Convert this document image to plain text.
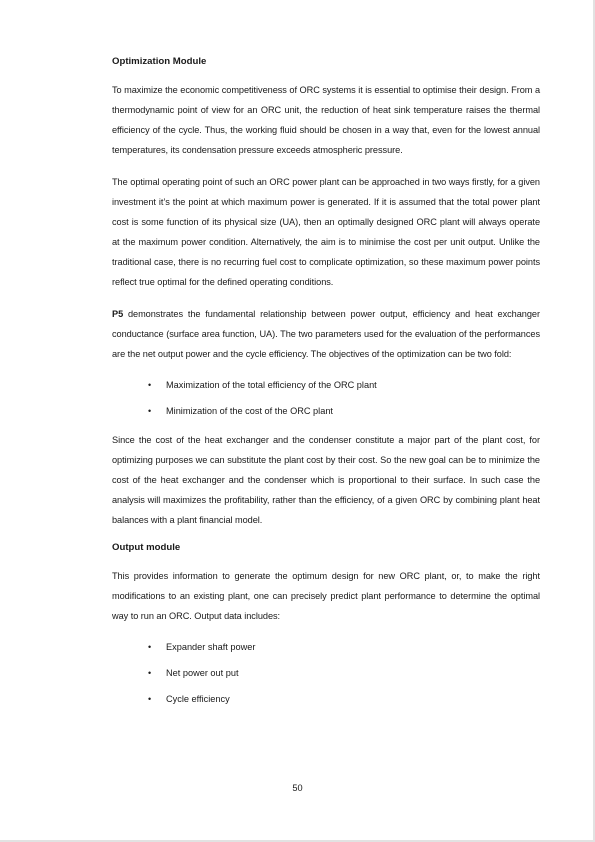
Optimization Module

To maximize the economic competitiveness of ORC systems it is essential to optimise their design. From a thermodynamic point of view for an ORC unit, the reduction of heat sink temperature raises the thermal efficiency of the cycle. Thus, the working fluid should be chosen in a way that, even for the lowest annual temperatures, its condensation pressure exceeds atmospheric pressure.

The optimal operating point of such an ORC power plant can be approached in two ways firstly, for a given investment it’s the point at which maximum power is generated. If it is assumed that the total power plant cost is some function of its physical size (UA), then an optimally designed ORC plant will always operate at the maximum power condition. Alternatively, the aim is to minimise the cost per unit output. Unlike the traditional case, there is no recurring fuel cost to complicate optimization, so these maximum power points reflect true optimal for the defined operating conditions.

P5 demonstrates the fundamental relationship between power output, efficiency and heat exchanger conductance (surface area function, UA). The two parameters used for the evaluation of the performances are the net output power and the cycle efficiency. The objectives of the optimization can be two fold:

• Maximization of the total efficiency of the ORC plant
• Minimization of the cost of the ORC plant

Since the cost of the heat exchanger and the condenser constitute a major part of the plant cost, for optimizing purposes we can substitute the plant cost by their cost. So the new goal can be to minimize the cost of the heat exchanger and the condenser which is proportional to their surface. In such case the analysis will maximizes the profitability, rather than the efficiency, of a given ORC by combining plant heat balances with a plant financial model.

Output module

This provides information to generate the optimum design for new ORC plant, or, to make the right modifications to an existing plant, one can precisely predict plant performance to determine the optimal way to run an ORC. Output data includes:

• Expander shaft power
• Net power out put
• Cycle efficiency
50
